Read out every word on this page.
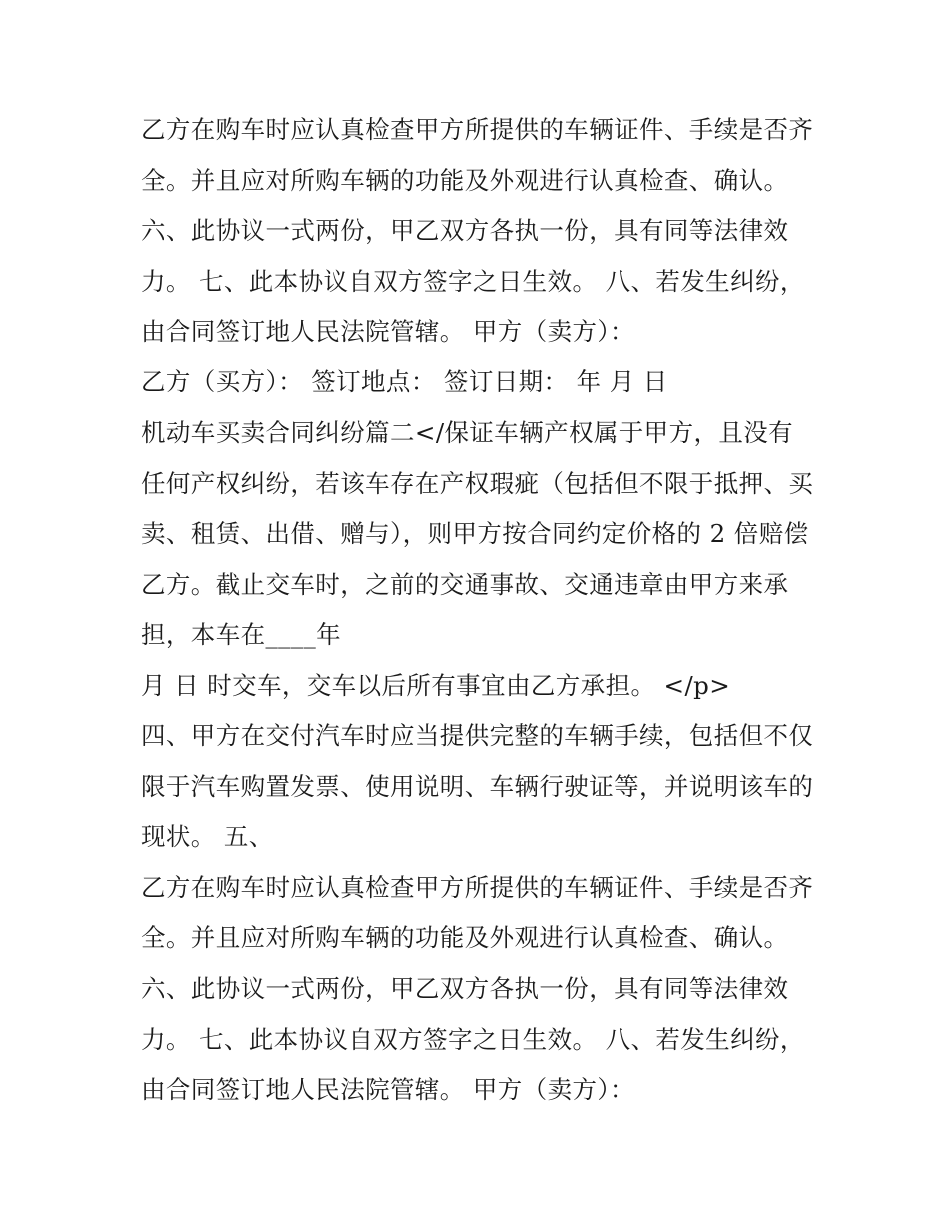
乙方在购车时应认真检查甲方所提供的车辆证件、手续是否齐
全。并且应对所购车辆的功能及外观进行认真检查、确认。
六、此协议一式两份，甲乙双方各执一份，具有同等法律效
力。 七、此本协议自双方签字之日生效。 八、若发生纠纷，
由合同签订地人民法院管辖。 甲方（卖方）：
乙方（买方）： 签订地点： 签订日期： 年 月 日
机动车买卖合同纠纷篇二</保证车辆产权属于甲方，且没有
任何产权纠纷，若该车存在产权瑕疵（包括但不限于抵押、买
卖、租赁、出借、赠与），则甲方按合同约定价格的 2 倍赔偿
乙方。截止交车时，之前的交通事故、交通违章由甲方来承
担，本车在____年
月 日 时交车，交车以后所有事宜由乙方承担。 </p>
四、甲方在交付汽车时应当提供完整的车辆手续，包括但不仅
限于汽车购置发票、使用说明、车辆行驶证等，并说明该车的
现状。 五、
乙方在购车时应认真检查甲方所提供的车辆证件、手续是否齐
全。并且应对所购车辆的功能及外观进行认真检查、确认。
六、此协议一式两份，甲乙双方各执一份，具有同等法律效
力。 七、此本协议自双方签字之日生效。 八、若发生纠纷，
由合同签订地人民法院管辖。 甲方（卖方）：
